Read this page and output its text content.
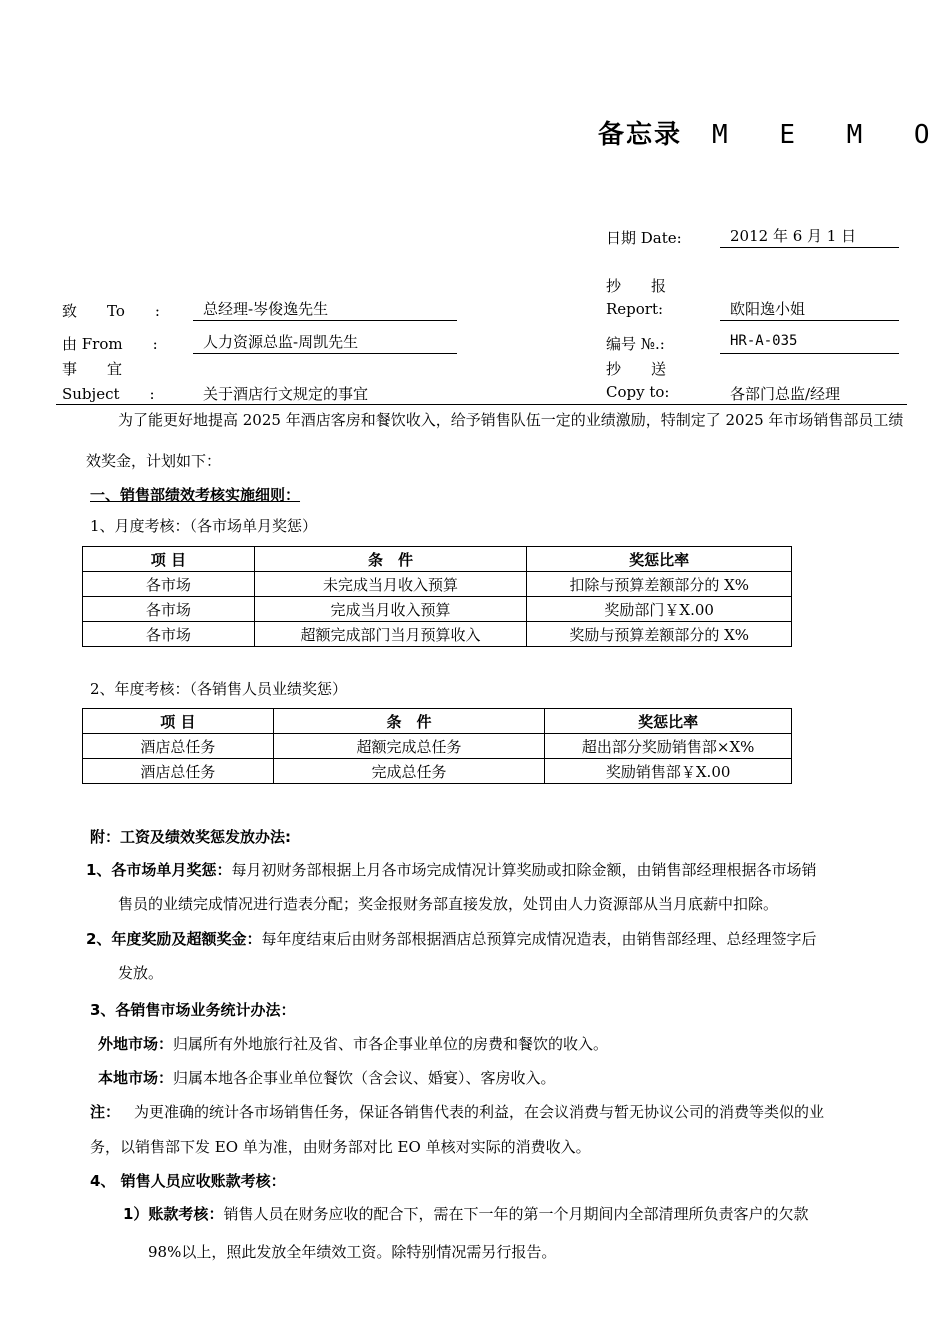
备忘录 M E M O
日期 Date:	2012 年 6 月 1 日
抄　　报
Report:	欧阳逸小姐
致　　To　　:	总经理-岑俊逸先生
由 From　　:	人力资源总监-周凯先生	编号 №.:	HR-A-035
事　　宜
Subject　　:	关于酒店行文规定的事宜
抄　　送
Copy to:	各部门总监/经理
为了能更好地提高 2025 年酒店客房和餐饮收入，给予销售队伍一定的业绩激励，特制定了 2025 年市场销售部员工绩效奖金，计划如下：
一、销售部绩效考核实施细则：
1、月度考核：（各市场单月奖惩）
项 目	条　件	奖惩比率
各市场	未完成当月收入预算	扣除与预算差额部分的 X%
各市场	完成当月收入预算	奖励部门￥X.00
各市场	超额完成部门当月预算收入	奖励与预算差额部分的 X%
2、年度考核：（各销售人员业绩奖惩）
项 目	条　件	奖惩比率
酒店总任务	超额完成总任务	超出部分奖励销售部×X%
酒店总任务	完成总任务	奖励销售部￥X.00
附：工资及绩效奖惩发放办法:
1、各市场单月奖惩：每月初财务部根据上月各市场完成情况计算奖励或扣除金额，由销售部经理根据各市场销
售员的业绩完成情况进行造表分配；奖金报财务部直接发放，处罚由人力资源部从当月底薪中扣除。
2、年度奖励及超额奖金：每年度结束后由财务部根据酒店总预算完成情况造表，由销售部经理、总经理签字后
发放。
3、各销售市场业务统计办法：
外地市场：归属所有外地旅行社及省、市各企事业单位的房费和餐饮的收入。
本地市场：归属本地各企事业单位餐饮（含会议、婚宴）、客房收入。
注： 为更准确的统计各市场销售任务，保证各销售代表的利益，在会议消费与暂无协议公司的消费等类似的业
务，以销售部下发 EO 单为准，由财务部对比 EO 单核对实际的消费收入。
4、 销售人员应收账款考核：
1）账款考核：销售人员在财务应收的配合下，需在下一年的第一个月期间内全部清理所负责客户的欠款
98%以上，照此发放全年绩效工资。除特别情况需另行报告。
